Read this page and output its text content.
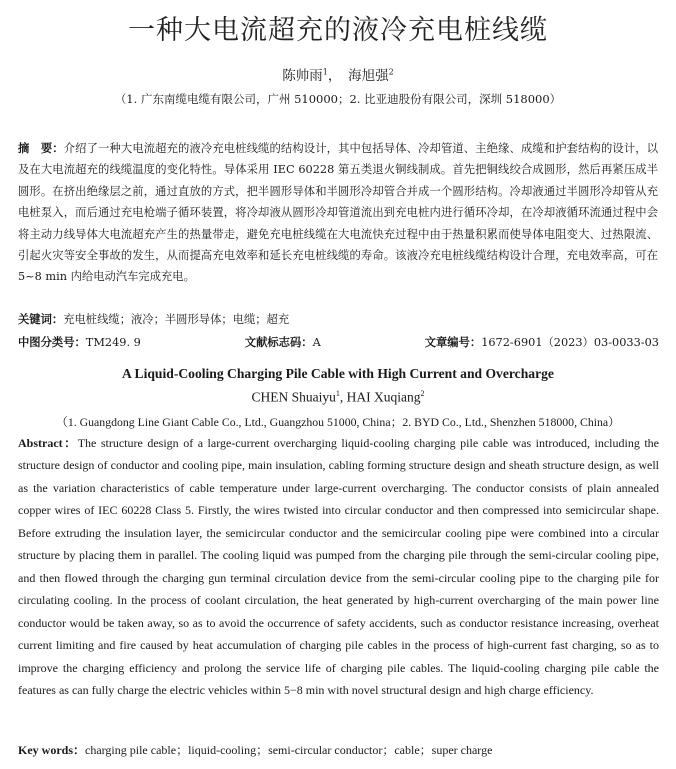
一种大电流超充的液冷充电桩线缆
陈帅雨$^1$，　海旭强$^2$
（1. 广东南缆电缆有限公司，广州 510000；2. 比亚迪股份有限公司，深圳 518000）

摘　要：介绍了一种大电流超充的液冷充电桩线缆的结构设计，其中包括导体、冷却管道、主绝缘、成缆和护套结构的设计，以及在大电流超充的线缆温度的变化特性。导体采用 IEC 60228 第五类退火铜线制成。首先把铜线绞合成圆形，然后再紧压成半圆形。在挤出绝缘层之前，通过直放的方式，把半圆形导体和半圆形冷却管合并成一个圆形结构。冷却液通过半圆形冷却管从充电桩泵入，而后通过充电枪端子循环装置，将冷却液从圆形冷却管道流出到充电桩内进行循环冷却，在冷却液循环流通过程中会将主动力线导体大电流超充产生的热量带走，避免充电桩线缆在大电流快充过程中由于热量积累而使导体电阻变大、过热限流、引起火灾等安全事故的发生，从而提高充电效率和延长充电桩线缆的寿命。该液冷充电桩线缆结构设计合理，充电效率高，可在 5~8 min 内给电动汽车完成充电。

关键词：充电桩线缆；液冷；半圆形导体；电缆；超充

中图分类号：TM249. 9	文献标志码：A	文章编号：1672-6901（2023）03-0033-03
A Liquid-Cooling Charging Pile Cable with High Current and Overcharge
CHEN Shuaiyu$^1$, HAI Xuqiang$^2$
（1. Guangdong Line Giant Cable Co., Ltd., Guangzhou 51000, China；2. BYD Co., Ltd., Shenzhen 518000, China）

Abstract：The structure design of a large-current overcharging liquid-cooling charging pile cable was introduced, including the structure design of conductor and cooling pipe, main insulation, cabling forming structure design and sheath structure design, as well as the variation characteristics of cable temperature under large-current overcharging. The conductor consists of plain annealed copper wires of IEC 60228 Class 5. Firstly, the wires twisted into circular conductor and then compressed into semicircular shape. Before extruding the insulation layer, the semicircular conductor and the semicircular cooling pipe were combined into a circular structure by placing them in parallel. The cooling liquid was pumped from the charging pile through the semi-circular cooling pipe, and then flowed through the charging gun terminal circulation device from the semi-circular cooling pipe to the charging pile for circulating cooling. In the process of coolant circulation, the heat generated by high-current overcharging of the main power line conductor would be taken away, so as to avoid the occurrence of safety accidents, such as conductor resistance increasing, overheat current limiting and fire caused by heat accumulation of charging pile cables in the process of high-current fast charging, so as to improve the charging efficiency and prolong the service life of charging pile cables. The liquid-cooling charging pile cable the features as can fully charge the electric vehicles within 5−8 min with novel structural design and high charge efficiency.

Key words：charging pile cable；liquid-cooling；semi-circular conductor；cable；super charge
